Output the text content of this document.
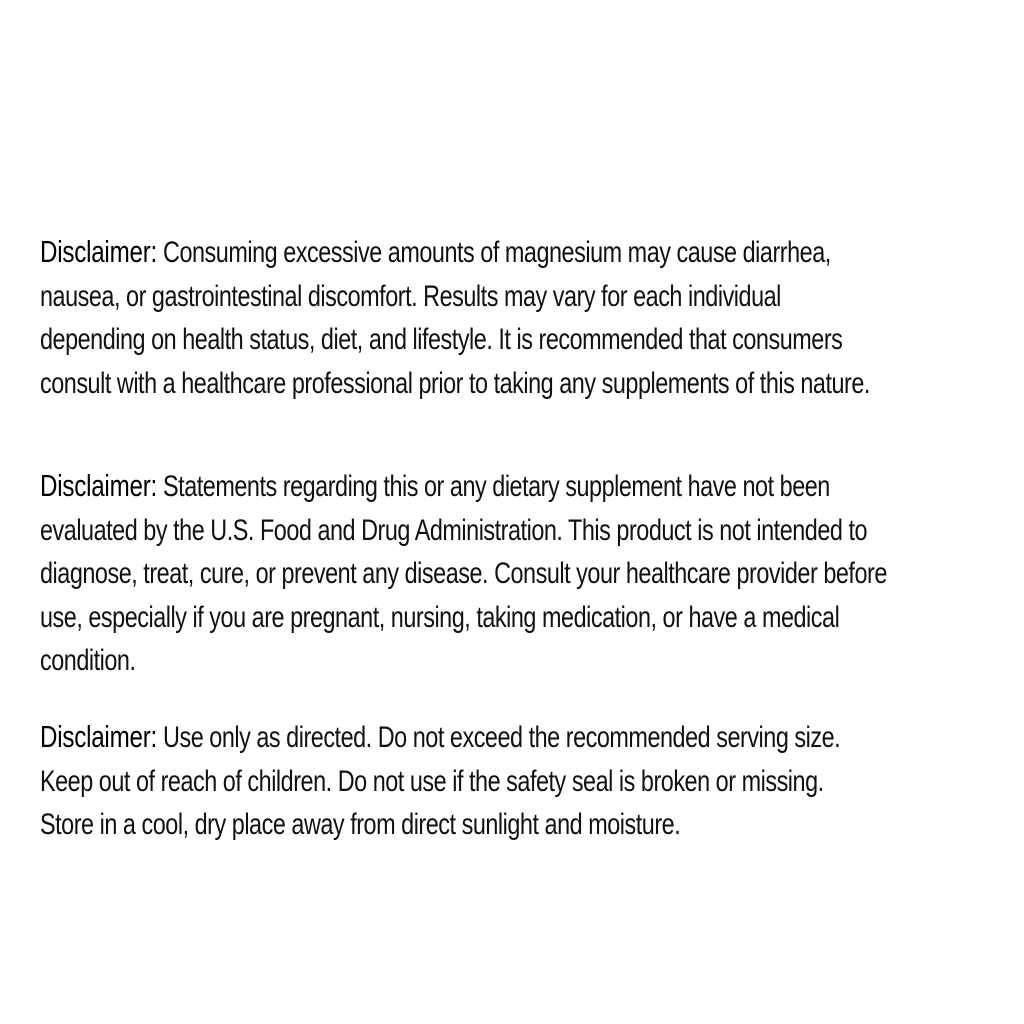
Disclaimer: Consuming excessive amounts of magnesium may cause diarrhea,
nausea, or gastrointestinal discomfort. Results may vary for each individual
depending on health status, diet, and lifestyle. It is recommended that consumers
consult with a healthcare professional prior to taking any supplements of this nature.
Disclaimer: Statements regarding this or any dietary supplement have not been
evaluated by the U.S. Food and Drug Administration. This product is not intended to
diagnose, treat, cure, or prevent any disease. Consult your healthcare provider before
use, especially if you are pregnant, nursing, taking medication, or have a medical
condition.
Disclaimer: Use only as directed. Do not exceed the recommended serving size.
Keep out of reach of children. Do not use if the safety seal is broken or missing.
Store in a cool, dry place away from direct sunlight and moisture.
